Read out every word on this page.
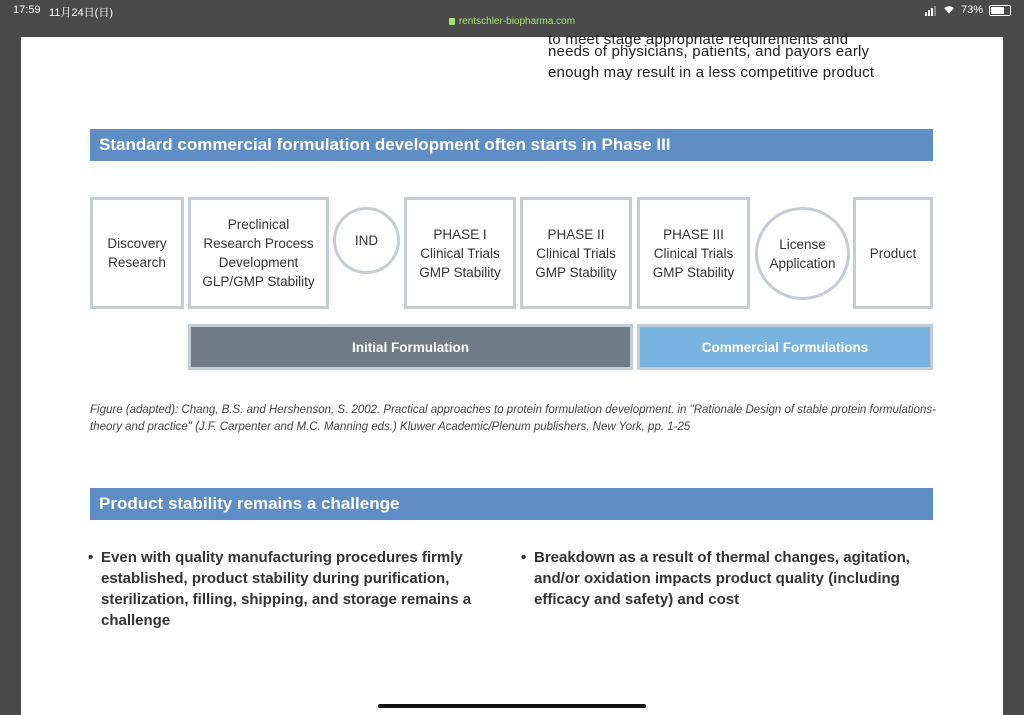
17:59 11月24日(日)
rentschler-biopharma.com
73%
to meet stage appropriate requirements and
needs of physicians, patients, and payors early
enough may result in a less competitive product
Standard commercial formulation development often starts in Phase III
Discovery
Research
Preclinical
Research Process
Development
GLP/GMP Stability
IND	PHASE I
Clinical Trials
GMP Stability
PHASE II
Clinical Trials
GMP Stability
PHASE III
Clinical Trials
GMP Stability
License
Application
Product
Initial Formulation	Commercial Formulations
Figure (adapted): Chang, B.S. and Hershenson, S. 2002. Practical approaches to protein formulation development. in "Rationale Design of stable protein formulations-theory and practice" (J.F. Carpenter and M.C. Manning eds.) Kluwer Academic/Plenum publishers, New York, pp. 1-25
Product stability remains a challenge
• Even with quality manufacturing procedures firmly established, product stability during purification, sterilization, filling, shipping, and storage remains a challenge
• Breakdown as a result of thermal changes, agitation, and/or oxidation impacts product quality (including efficacy and safety) and cost
